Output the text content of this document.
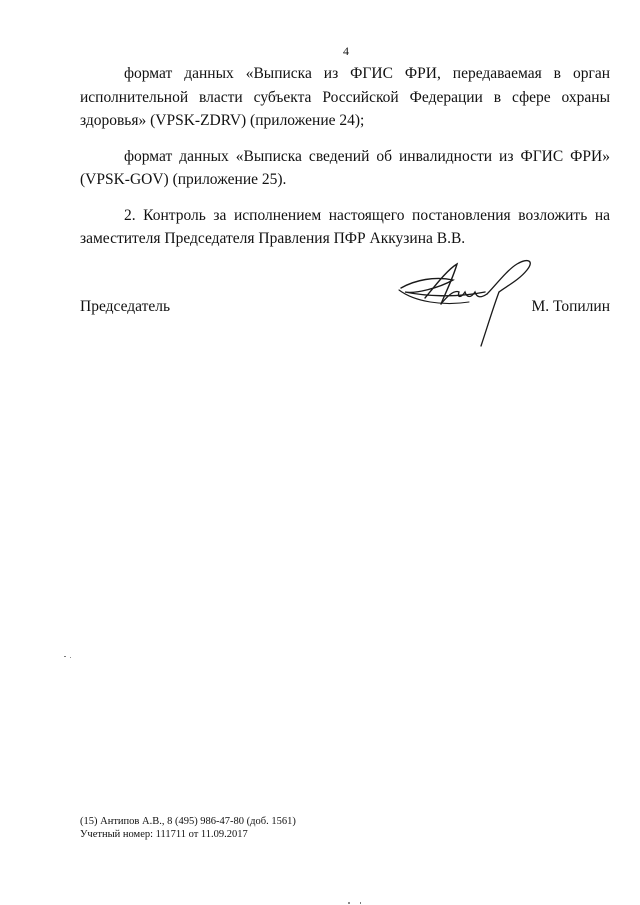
4

формат данных «Выписка из ФГИС ФРИ, передаваемая в орган исполнительной власти субъекта Российской Федерации в сфере охраны здоровья» (VPSK-ZDRV) (приложение 24);

формат данных «Выписка сведений об инвалидности из ФГИС ФРИ» (VPSK-GOV) (приложение 25).

2. Контроль за исполнением настоящего постановления возложить на заместителя Председателя Правления ПФР Аккузина В.В.

Председатель	М. Топилин
(15) Антипов А.В., 8 (495) 986-47-80 (доб. 1561)
Учетный номер: 111711 от 11.09.2017
